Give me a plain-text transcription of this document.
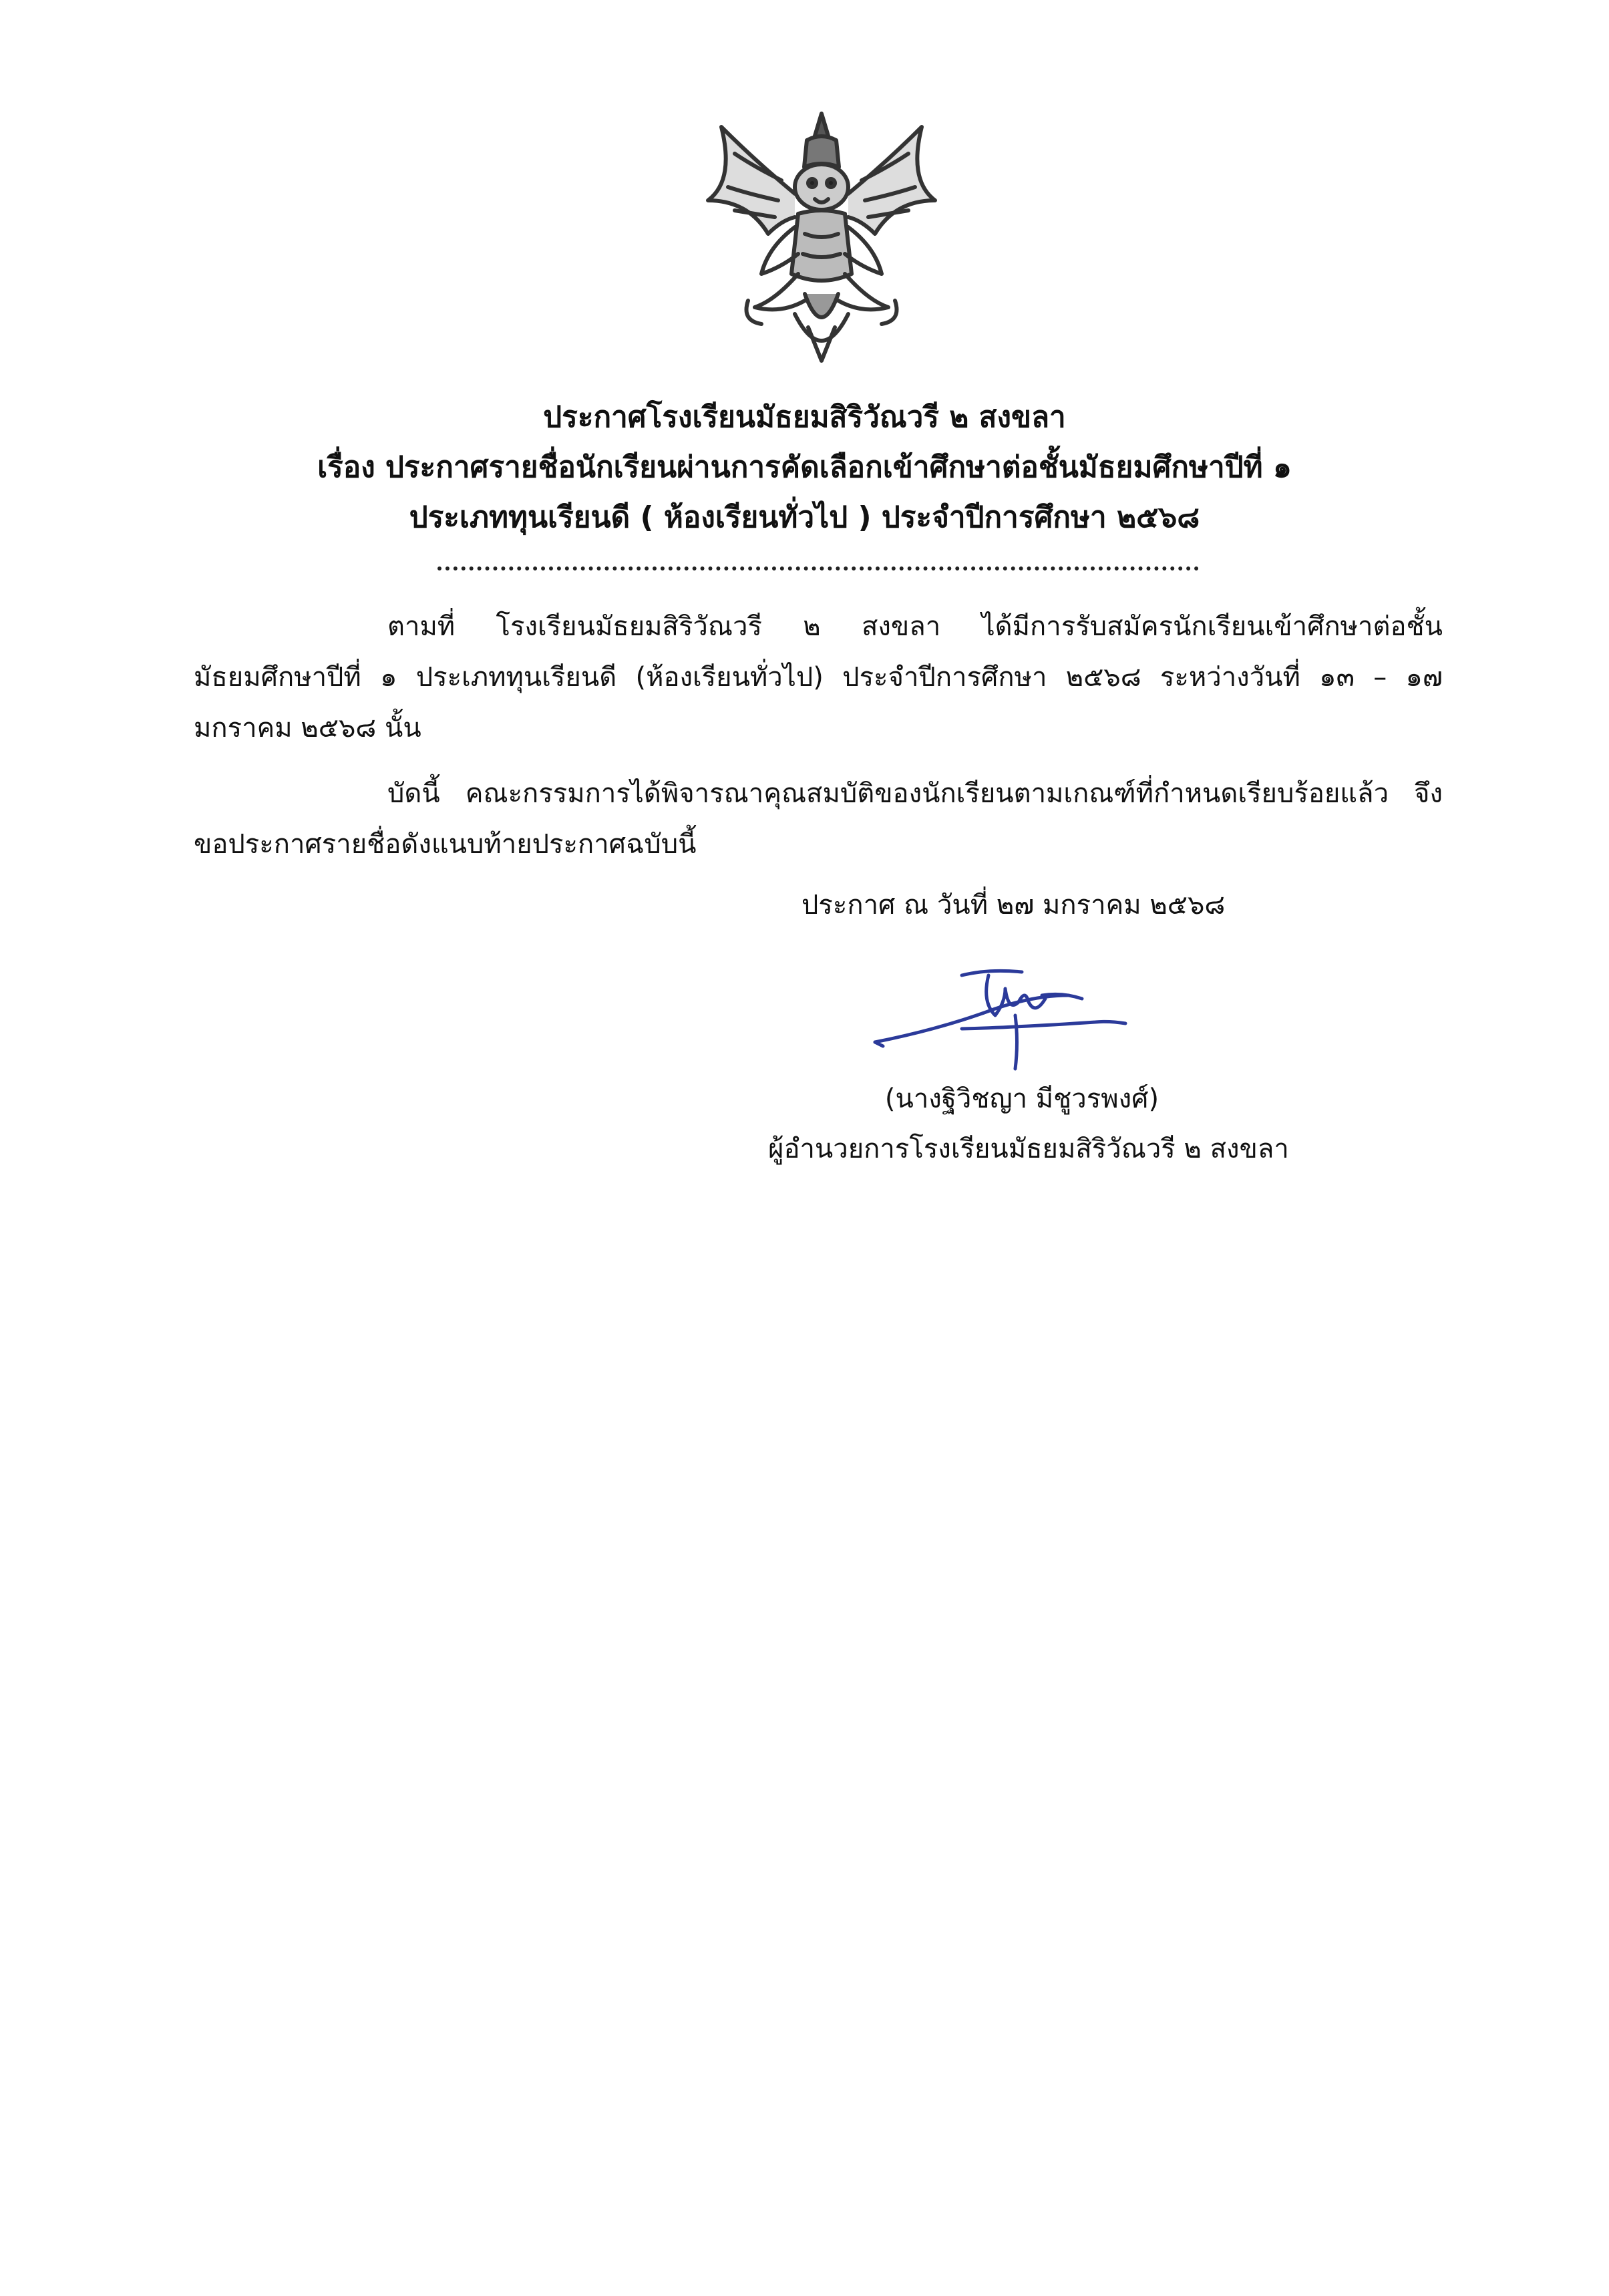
ประกาศโรงเรียนมัธยมสิริวัณวรี ๒ สงขลา
เรื่อง ประกาศรายชื่อนักเรียนผ่านการคัดเลือกเข้าศึกษาต่อชั้นมัธยมศึกษาปีที่ ๑
ประเภททุนเรียนดี ( ห้องเรียนทั่วไป ) ประจำปีการศึกษา ๒๕๖๘
ตามที่ โรงเรียนมัธยมสิริวัณวรี ๒ สงขลา ได้มีการรับสมัครนักเรียนเข้าศึกษาต่อชั้นมัธยมศึกษาปีที่ ๑ ประเภททุนเรียนดี (ห้องเรียนทั่วไป) ประจำปีการศึกษา ๒๕๖๘ ระหว่างวันที่ ๑๓ – ๑๗ มกราคม ๒๕๖๘ นั้น
บัดนี้ คณะกรรมการได้พิจารณาคุณสมบัติของนักเรียนตามเกณฑ์ที่กำหนดเรียบร้อยแล้ว จึงขอประกาศรายชื่อดังแนบท้ายประกาศฉบับนี้
ประกาศ ณ วันที่ ๒๗ มกราคม ๒๕๖๘
(นางฐิวิชญา มีชูวรพงศ์)
ผู้อำนวยการโรงเรียนมัธยมสิริวัณวรี ๒ สงขลา
